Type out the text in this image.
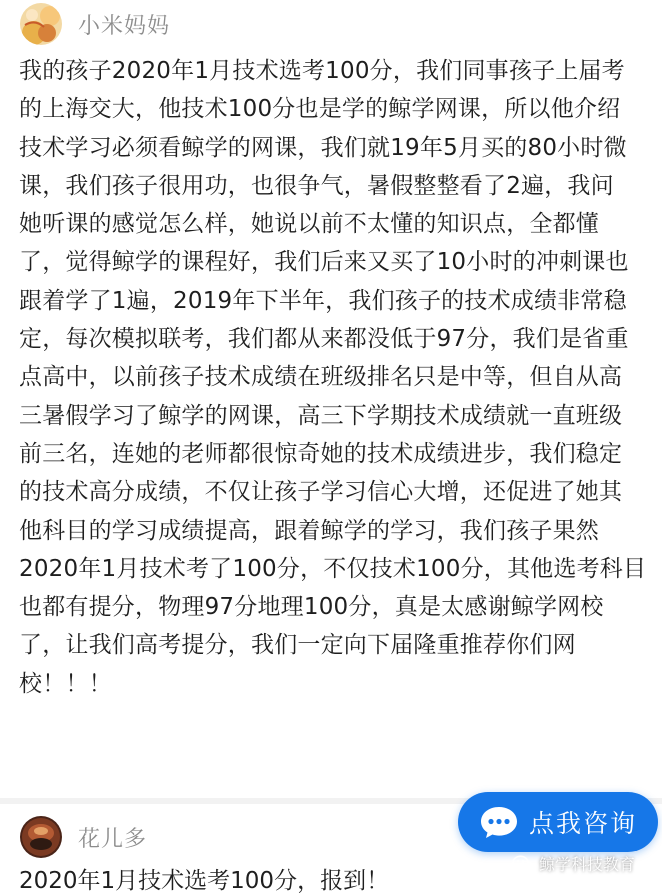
小米妈妈
我的孩子2020年1月技术选考100分，我们同事孩子上届考
的上海交大，他技术100分也是学的鲸学网课，所以他介绍
技术学习必须看鲸学的网课，我们就19年5月买的80小时微
课，我们孩子很用功，也很争气，暑假整整看了2遍，我问
她听课的感觉怎么样，她说以前不太懂的知识点，全都懂
了，觉得鲸学的课程好，我们后来又买了10小时的冲刺课也
跟着学了1遍，2019年下半年，我们孩子的技术成绩非常稳
定，每次模拟联考，我们都从来都没低于97分，我们是省重
点高中，以前孩子技术成绩在班级排名只是中等，但自从高
三暑假学习了鲸学的网课，高三下学期技术成绩就一直班级
前三名，连她的老师都很惊奇她的技术成绩进步，我们稳定
的技术高分成绩，不仅让孩子学习信心大增，还促进了她其
他科目的学习成绩提高，跟着鲸学的学习，我们孩子果然
2020年1月技术考了100分，不仅技术100分，其他选考科目
也都有提分，物理97分地理100分，真是太感谢鲸学网校
了，让我们高考提分，我们一定向下届隆重推荐你们网
校！！！
花儿多
2020年1月技术选考100分，报到！
点我咨询
鲸学科技教育
